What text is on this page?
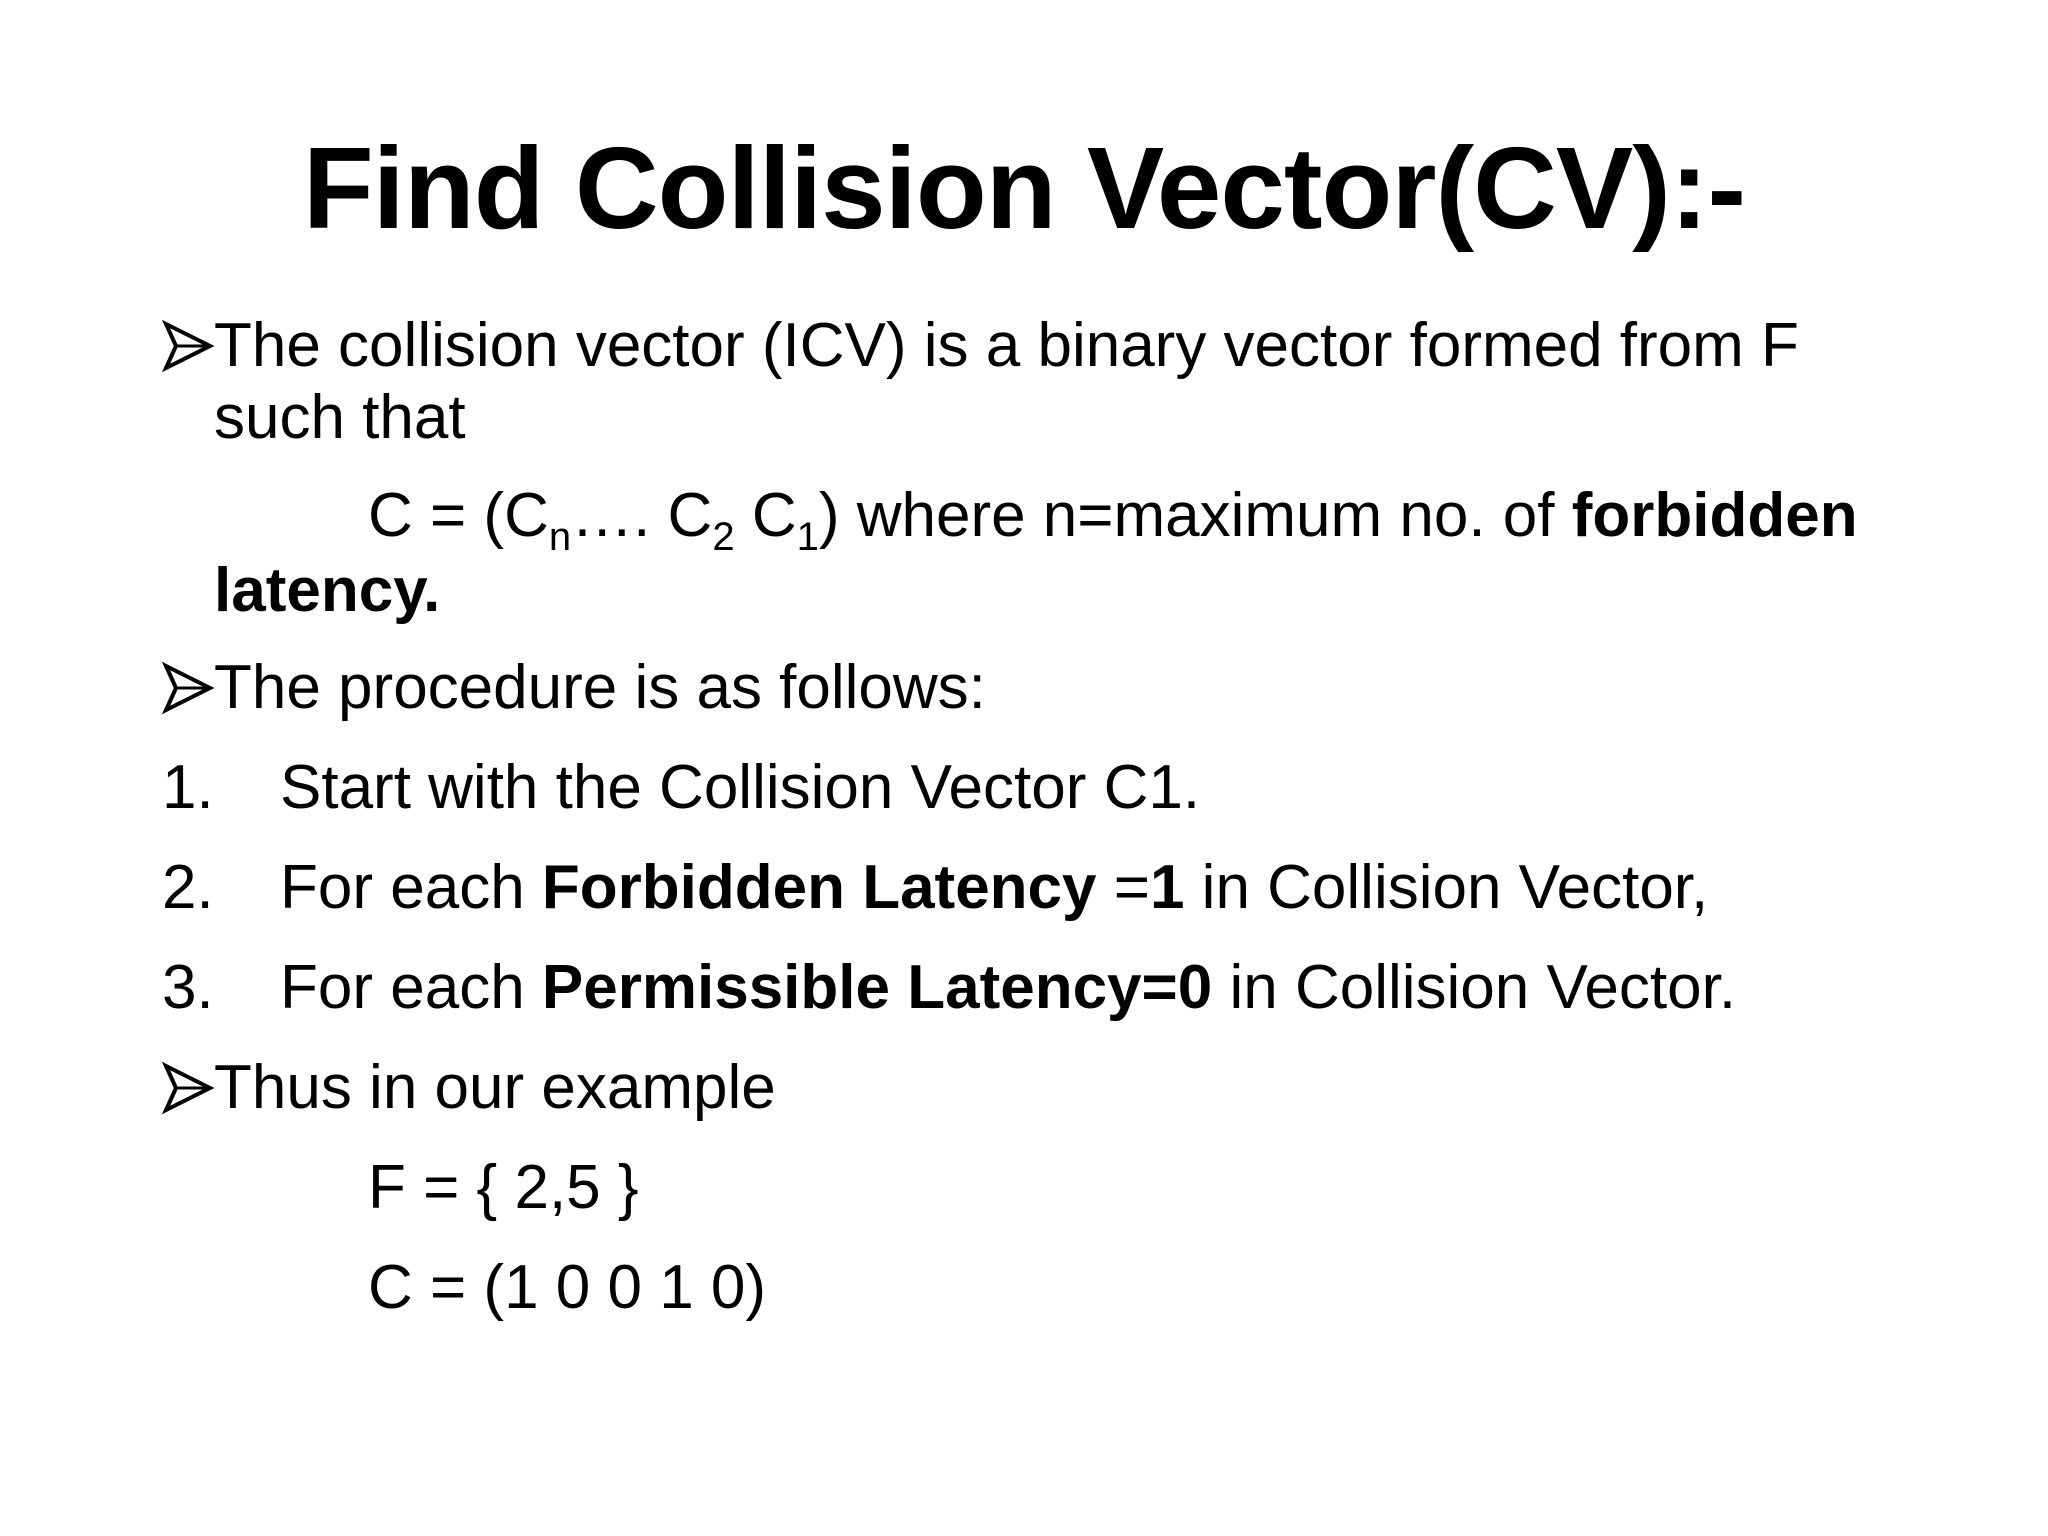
Find Collision Vector(CV):-
The collision vector (ICV) is a binary vector formed from F
such that
$C = (C_n\dots$. $C_2$ $C_1$) where n=maximum no. of forbidden
latency.
The procedure is as follows:
1. Start with the Collision Vector C1.
2. For each Forbidden Latency =1 in Collision Vector,
3. For each Permissible Latency=0 in Collision Vector.
Thus in our example
F = { 2,5 }
C = (1 0 0 1 0)
